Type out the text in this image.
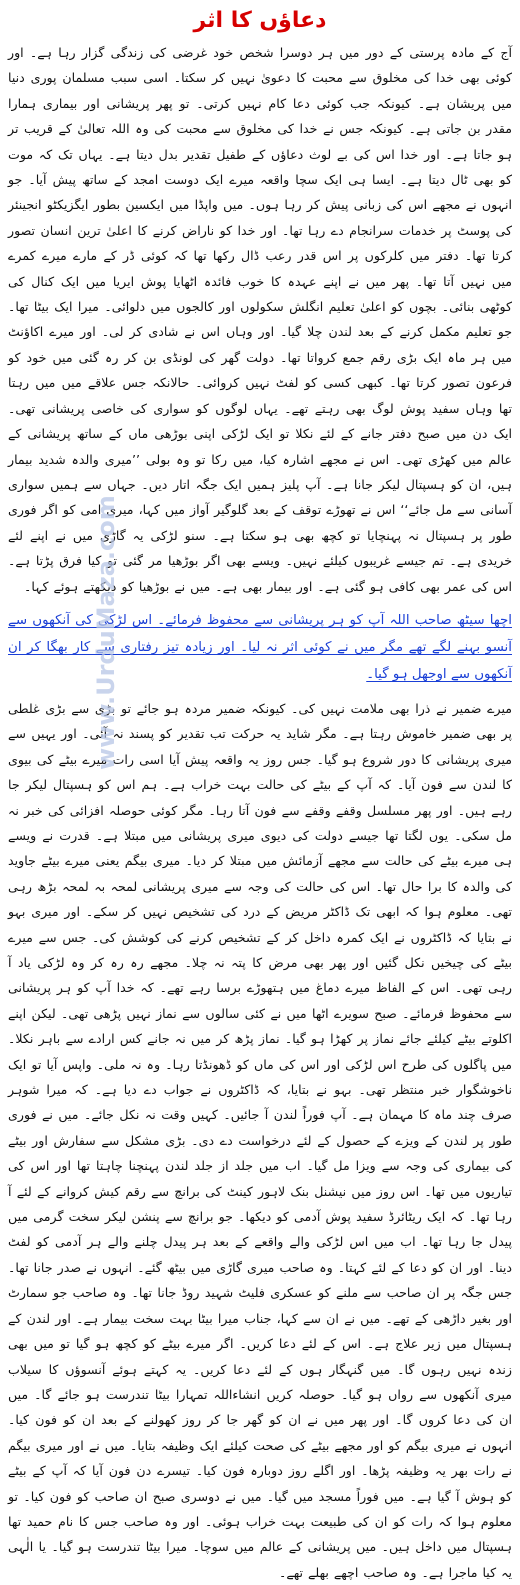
دعاؤں کا اثر

آج کے مادہ پرستی کے دور میں ہر دوسرا شخص خود غرضی کی زندگی گزار رہا ہے۔ اور کوئی بھی خدا کی مخلوق سے محبت کا دعویٰ نہیں کر سکتا۔ اسی سبب مسلمان پوری دنیا میں پریشان ہے۔ کیونکہ جب کوئی دعا کام نہیں کرتی۔ تو پھر پریشانی اور بیماری ہمارا مقدر بن جاتی ہے۔ کیونکہ جس نے خدا کی مخلوق سے محبت کی وہ اللہ تعالیٰ کے قریب تر ہو جاتا ہے۔ اور خدا اس کی بے لوث دعاؤں کے طفیل تقدیر بدل دیتا ہے۔ یہاں تک کہ موت کو بھی ٹال دیتا ہے۔ ایسا ہی ایک سچا واقعہ میرے ایک دوست امجد کے ساتھ پیش آیا۔ جو انہوں نے مجھے اس کی زبانی پیش کر رہا ہوں۔ میں واپڈا میں ایکسین بطور ایگزیکٹو انجینئر کی پوسٹ پر خدمات سرانجام دے رہا تھا۔ اور خدا کو ناراض کرنے کا اعلیٰ ترین انسان تصور کرتا تھا۔ دفتر میں کلرکوں پر اس قدر رعب ڈال رکھا تھا کہ کوئی ڈر کے مارے میرے کمرے میں نہیں آتا تھا۔ پھر میں نے اپنے عہدہ کا خوب فائدہ اٹھایا پوش ایریا میں ایک کنال کی کوٹھی بنائی۔ بچوں کو اعلیٰ تعلیم انگلش سکولوں اور کالجوں میں دلوائی۔ میرا ایک بیٹا تھا۔ جو تعلیم مکمل کرنے کے بعد لندن چلا گیا۔ اور وہاں اس نے شادی کر لی۔ اور میرے اکاؤنٹ میں ہر ماہ ایک بڑی رقم جمع کرواتا تھا۔ دولت گھر کی لونڈی بن کر رہ گئی میں خود کو فرعون تصور کرتا تھا۔ کبھی کسی کو لفٹ نہیں کروائی۔ حالانکہ جس علاقے میں میں رہتا تھا وہاں سفید پوش لوگ بھی رہتے تھے۔ یہاں لوگوں کو سواری کی خاصی پریشانی تھی۔ ایک دن میں صبح دفتر جانے کے لئے نکلا تو ایک لڑکی اپنی بوڑھی ماں کے ساتھ پریشانی کے عالم میں کھڑی تھی۔ اس نے مجھے اشارہ کیا، میں رکا تو وہ بولی ’’میری والدہ شدید بیمار ہیں، ان کو ہسپتال لیکر جانا ہے۔ آپ پلیز ہمیں ایک جگہ اتار دیں۔ جہاں سے ہمیں سواری آسانی سے مل جائے‘‘ اس نے تھوڑے توقف کے بعد گلوگیر آواز میں کہا، میری امی کو اگر فوری طور پر ہسپتال نہ پہنچایا تو کچھ بھی ہو سکتا ہے۔ سنو لڑکی یہ گاڑی میں نے اپنے لئے خریدی ہے۔ تم جیسے غریبوں کیلئے نہیں۔ ویسے بھی اگر بوڑھیا مر گئی تو کیا فرق پڑتا ہے۔ اس کی عمر بھی کافی ہو گئی ہے۔ اور بیمار بھی ہے۔ میں نے بوڑھیا کو دیکھتے ہوئے کہا۔

اچھا سیٹھ صاحب اللہ آپ کو ہر پریشانی سے محفوظ فرمائے۔ اس لڑکی کی آنکھوں سے آنسو بہنے لگے تھے مگر میں نے کوئی اثر نہ لیا۔ اور زیادہ تیز رفتاری سے کار بھگا کر ان آنکھوں سے اوجھل ہو گیا۔

میرے ضمیر نے ذرا بھی ملامت نہیں کی۔ کیونکہ ضمیر مردہ ہو جائے تو بڑی سے بڑی غلطی پر بھی ضمیر خاموش رہتا ہے۔ مگر شاید یہ حرکت تب تقدیر کو پسند نہ آئی۔ اور یہیں سے میری پریشانی کا دور شروع ہو گیا۔ جس روز یہ واقعہ پیش آیا اسی رات میرے بیٹے کی بیوی کا لندن سے فون آیا۔ کہ آپ کے بیٹے کی حالت بہت خراب ہے۔ ہم اس کو ہسپتال لیکر جا رہے ہیں۔ اور پھر مسلسل وقفے وقفے سے فون آتا رہا۔ مگر کوئی حوصلہ افزائی کی خبر نہ مل سکی۔ یوں لگتا تھا جیسے دولت کی دیوی میری پریشانی میں مبتلا ہے۔ قدرت نے ویسے ہی میرے بیٹے کی حالت سے مجھے آزمائش میں مبتلا کر دیا۔ میری بیگم یعنی میرے بیٹے جاوید کی والدہ کا برا حال تھا۔ اس کی حالت کی وجہ سے میری پریشانی لمحہ بہ لمحہ بڑھ رہی تھی۔ معلوم ہوا کہ ابھی تک ڈاکٹر مریض کے درد کی تشخیص نہیں کر سکے۔ اور میری بہو نے بتایا کہ ڈاکٹروں نے ایک کمرہ داخل کر کے تشخیص کرنے کی کوشش کی۔ جس سے میرے بیٹے کی چیخیں نکل گئیں اور پھر بھی مرض کا پتہ نہ چلا۔ مجھے رہ رہ کر وہ لڑکی یاد آ رہی تھی۔ اس کے الفاظ میرے دماغ میں ہتھوڑے برسا رہے تھے۔ کہ خدا آپ کو ہر پریشانی سے محفوظ فرمائے۔ صبح سویرے اٹھا میں نے کئی سالوں سے نماز نہیں پڑھی تھی۔ لیکن اپنے اکلوتے بیٹے کیلئے جائے نماز پر کھڑا ہو گیا۔ نماز پڑھ کر میں نہ جانے کس ارادے سے باہر نکلا۔ میں پاگلوں کی طرح اس لڑکی اور اس کی ماں کو ڈھونڈتا رہا۔ وہ نہ ملی۔ واپس آیا تو ایک ناخوشگوار خبر منتظر تھی۔ بہو نے بتایا، کہ ڈاکٹروں نے جواب دے دیا ہے۔ کہ میرا شوہر صرف چند ماہ کا مہمان ہے۔ آپ فوراً لندن آ جائیں۔ کہیں وقت نہ نکل جائے۔ میں نے فوری طور پر لندن کے ویزے کے حصول کے لئے درخواست دے دی۔ بڑی مشکل سے سفارش اور بیٹے کی بیماری کی وجہ سے ویزا مل گیا۔ اب میں جلد از جلد لندن پہنچنا چاہتا تھا اور اس کی تیاریوں میں تھا۔ اس روز میں نیشنل بنک لاہور کینٹ کی برانچ سے رقم کیش کروانے کے لئے آ رہا تھا۔ کہ ایک ریٹائرڈ سفید پوش آدمی کو دیکھا۔ جو برانچ سے پنشن لیکر سخت گرمی میں پیدل جا رہا تھا۔ اب میں اس لڑکی والے واقعے کے بعد ہر پیدل چلنے والے ہر آدمی کو لفٹ دینا۔ اور ان کو دعا کے لئے کہتا۔ وہ صاحب میری گاڑی میں بیٹھ گئے۔ انہوں نے صدر جانا تھا۔ جس جگہ پر ان صاحب سے ملنے کو عسکری فلیٹ شہید روڈ جانا تھا۔ وہ صاحب جو سمارٹ اور بغیر داڑھی کے تھے۔ میں نے ان سے کہا، جناب میرا بیٹا بہت سخت بیمار ہے۔ اور لندن کے ہسپتال میں زیر علاج ہے۔ اس کے لئے دعا کریں۔ اگر میرے بیٹے کو کچھ ہو گیا تو میں بھی زندہ نہیں رہوں گا۔ میں گنہگار ہوں کے لئے دعا کریں۔ یہ کہتے ہوئے آنسوؤں کا سیلاب میری آنکھوں سے رواں ہو گیا۔ حوصلہ کریں انشاءاللہ تمہارا بیٹا تندرست ہو جائے گا۔ میں ان کی دعا کروں گا۔ اور پھر میں نے ان کو گھر جا کر روز کھولنے کے بعد ان کو فون کیا۔ انہوں نے میری بیگم کو اور مجھے بیٹے کی صحت کیلئے ایک وظیفہ بتایا۔ میں نے اور میری بیگم نے رات بھر یہ وظیفہ پڑھا۔ اور اگلے روز دوبارہ فون کیا۔ تیسرے دن فون آیا کہ آپ کے بیٹے کو ہوش آ گیا ہے۔ میں فوراً مسجد میں گیا۔ میں نے دوسری صبح ان صاحب کو فون کیا۔ تو معلوم ہوا کہ رات کو ان کی طبیعت بہت خراب ہوئی۔ اور وہ صاحب جس کا نام حمید تھا ہسپتال میں داخل ہیں۔ میں پریشانی کے عالم میں سوچا۔ میرا بیٹا تندرست ہو گیا۔ یا الٰہی یہ کیا ماجرا ہے۔ وہ صاحب اچھے بھلے تھے۔

www.UrduMaza.com
